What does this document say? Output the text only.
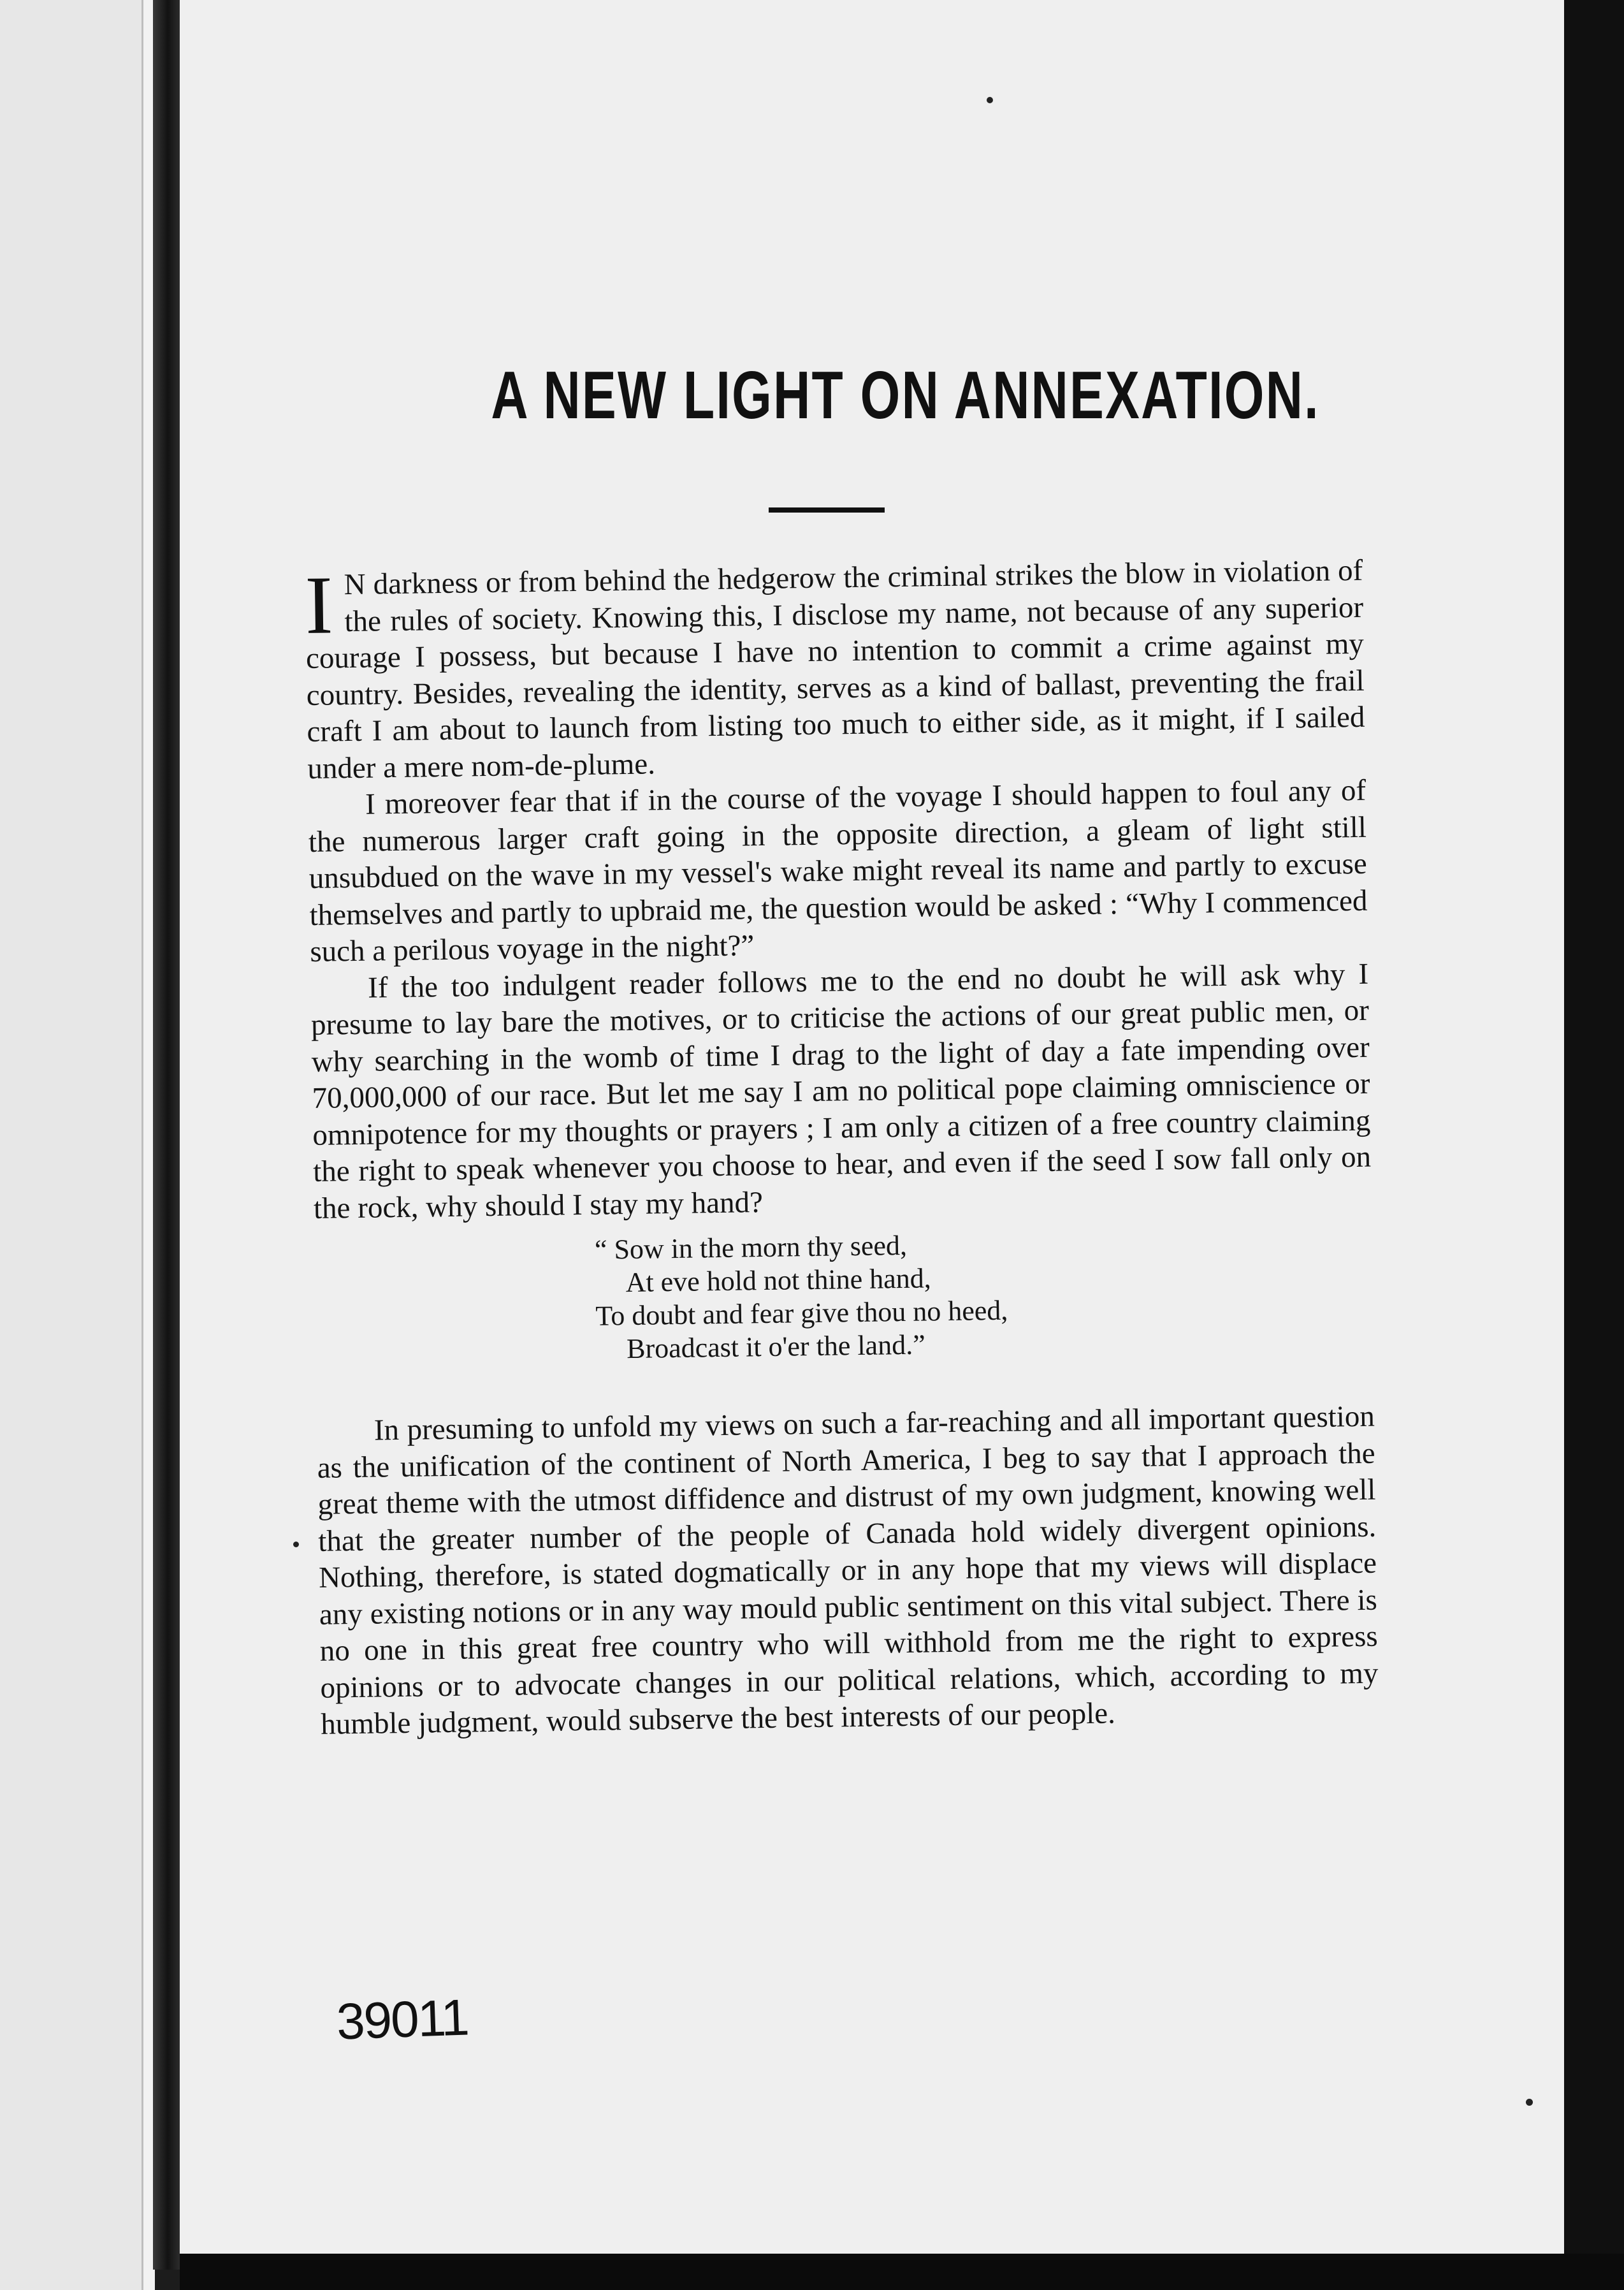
A NEW LIGHT ON ANNEXATION.

I N darkness or from behind the hedgerow the criminal strikes the blow in violation of the rules of society. Knowing this, I disclose my name, not because of any superior courage I possess, but because I have no intention to commit a crime against my country. Besides, revealing the identity, serves as a kind of ballast, preventing the frail craft I am about to launch from listing too much to either side, as it might, if I sailed under a mere nom-de-plume.

I moreover fear that if in the course of the voyage I should happen to foul any of the numerous larger craft going in the opposite direction, a gleam of light still unsubdued on the wave in my vessel's wake might reveal its name and partly to excuse themselves and partly to upbraid me, the question would be asked : “Why I commenced such a perilous voyage in the night?”

If the too indulgent reader follows me to the end no doubt he will ask why I presume to lay bare the motives, or to criticise the actions of our great public men, or why searching in the womb of time I drag to the light of day a fate impending over 70,000,000 of our race. But let me say I am no political pope claiming omniscience or omnipotence for my thoughts or prayers ; I am only a citizen of a free country claiming the right to speak whenever you choose to hear, and even if the seed I sow fall only on the rock, why should I stay my hand?

“ Sow in the morn thy seed,
At eve hold not thine hand,
To doubt and fear give thou no heed,
Broadcast it o'er the land.”

In presuming to unfold my views on such a far-reaching and all important question as the unification of the continent of North America, I beg to say that I approach the great theme with the utmost diffidence and distrust of my own judgment, knowing well that the greater number of the people of Canada hold widely divergent opinions. Nothing, therefore, is stated dogmatically or in any hope that my views will displace any existing notions or in any way mould public sentiment on this vital subject. There is no one in this great free country who will withhold from me the right to express opinions or to advocate changes in our political relations, which, according to my humble judgment, would subserve the best interests of our people.

39011
